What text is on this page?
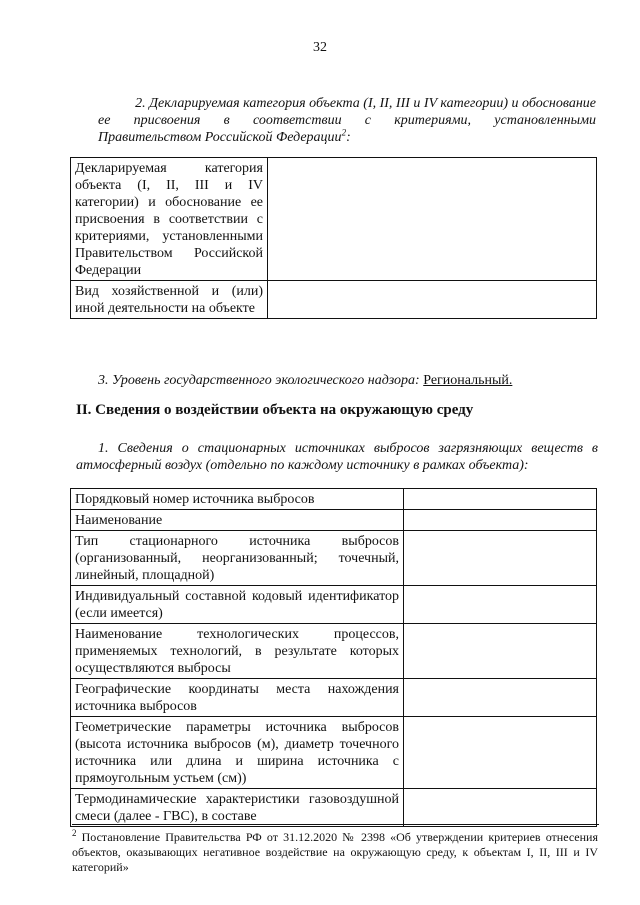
32
2. Декларируемая категория объекта (I, II, III и IV категории) и обоснование
ее присвоения в соответствии с критериями, установленными
Правительством Российской Федерации$^2$:
Декларируемая категория объекта (I, II, III и IV категории) и обоснование ее присвоения в соответствии с критериями, установленными Правительством Российской Федерации	
Вид хозяйственной и (или) иной деятельности на объекте	
3. Уровень государственного экологического надзора: Региональный.
II. Сведения о воздействии объекта на окружающую среду
1. Сведения о стационарных источниках выбросов загрязняющих веществ в
атмосферный воздух (отдельно по каждому источнику в рамках объекта):
Порядковый номер источника выбросов	
Наименование	
Тип стационарного источника выбросов (организованный, неорганизованный; точечный, линейный, площадной)	
Индивидуальный составной кодовый идентификатор (если имеется)	
Наименование технологических процессов, применяемых технологий, в результате которых осуществляются выбросы	
Географические координаты места нахождения источника выбросов	
Геометрические параметры источника выбросов (высота источника выбросов (м), диаметр точечного источника или длина и ширина источника с прямоугольным устьем (см))	
Термодинамические характеристики газовоздушной смеси (далее - ГВС), в составе	
$^2$ Постановление Правительства РФ от 31.12.2020 № 2398 «Об утверждении критериев отнесения объектов, оказывающих негативное воздействие на окружающую среду, к объектам I, II, III и IV категорий»
